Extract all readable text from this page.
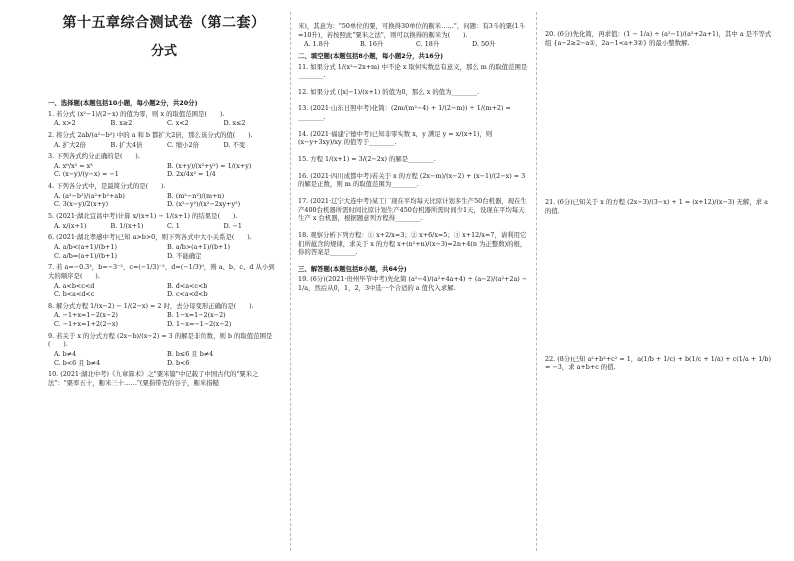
第十五章综合测试卷（第二套）
分式
一、选择题(本题包括10小题，每小题2分，共20分)
1. 若分式 (x²−1)/(2−x) 的值为零，则 x 的取值范围是(　　).
A. x>2	B. x≥2	C. x<2	D. x≤2
2. 将分式 2ab/(a²−b²) 中的 a 和 b 都扩大2倍，那么该分式的值(　　).
A. 扩大2倍	B. 扩大4倍	C. 缩小2倍	D. 不变
3. 下列各式约分正确的是(　　).
A. x⁶/x² = x³	B. (x+y)/(x²+y²) = 1/(x+y)
C. (x−y)/(y−x) = −1	D. 2x/4x² = 1/4
4. 下列各分式中，是最简分式的是(　　).
A. (a²−b²)/(a²+b²+ab)	B. (m²−n²)/(m+n)
C. 3(x−y)/2(x+y)	D. (x²−y²)/(x²−2xy+y²)
5. (2021·湖北宜昌中考)计算 x/(x+1) − 1/(x+1) 的结果是(　　).
A. x/(x+1)	B. 1/(x+1)	C. 1	D. −1
6. (2021·湖北孝感中考)已知 a>b>0，则下列各式中大小关系是(　　).
A. a/b<(a+1)/(b+1)	B. a/b>(a+1)/(b+1)
C. a/b=(a+1)/(b+1)	D. 不能确定
7. 若 a=−0.3²，b=−3⁻²，c=(−1/3)⁻²，d=(−1/3)⁰，则 a、b、c、d 从小到大的顺序是(　　).
A. a<b<c<d	B. d<a<c<b
C. b<a<d<c	D. c<a<d<b
8. 解分式方程 1/(x−2) − 1/(2−x) = 2 时，去分母变形正确的是(　　).
A. −1+x=1−2(x−2)	B. 1−x=1−2(x−2)
C. −1+x=1+2(2−x)	D. 1−x=−1−2(x−2)
9. 若关于 x 的分式方程 (2x−b)/(x−2) = 3 的解是非负数，则 b 的取值范围是(　　).
A. b≠4	B. b≤6 且 b≠4
C. b<6 且 b≠4	D. b<6
10. (2021·湖北中考)《九章算术》之"粟米篇"中记载了中国古代的"粟米之法"："粟率五十，粝米三十……"(粟指带壳的谷子，粝米指糙
米)，其意为："50单位的粟，可换得30单位的粝米……"，问题：有3斗的粟(1斗=10升)，若按照此"粟米之法"，则可以换得的粝米为(　　).
A. 1.8升	B. 16升	C. 18升	D. 50升
二、填空题(本题包括8小题，每小题2分，共16分)
11. 如果分式 1/(x²−2x+m) 中不论 x 取何实数总有意义，那么 m 的取值范围是________.
12. 如果分式 (|x|−1)/(x+1) 的值为0，那么 x 的值为________.
13. (2021·山东日照中考)化简：(2m/(m²−4) + 1/(2−m)) ÷ 1/(m+2) = ________.
14. (2021·福建宁德中考)已知非零实数 x，y 满足 y = x/(x+1)，则 (x−y+3xy)/xy 的值等于________.
15. 方程 1/(x+1) = 3/(2−2x) 的解是________.
16. (2021·四川成都中考)若关于 x 的方程 (2x−m)/(x−2) + (x−1)/(2−x) = 3 的解是正数，则 m 的取值范围为________.
17. (2021·辽宁大连中考)某工厂现在平均每天比原计划多生产50台机器，现在生产400台机器所需时间比原计划生产450台机器所需时间少1天，设现在平均每天生产 x 台机器，根据题意列方程得________.
18. 观察分析下列方程：① x+2/x=3；② x+6/x=5；③ x+12/x=7，请利用它们所蕴含的规律，求关于 x 的方程 x+(n²+n)/(x−3)=2n+4(n 为正整数)的根，你的答案是________.
三、解答题(本题包括8小题，共64分)
19. (6分)(2021·贵州毕节中考)先化简 (a²−4)/(a²+4a+4) ÷ (a−2)/(a²+2a) − 1/a，然后从0，1，2，3中选一个合适的 a 值代入求解.
20. (6分)先化简，再求值：(1 − 1/a) ÷ (a²−1)/(a²+2a+1)，其中 a 是不等式组 {a−2≥2−a①，2a−1<a+3②} 的最小整数解.
21. (6分)已知关于 x 的方程 (2x−3)/(3−x) + 1 = (x+12)/(x−3) 无解，求 a 的值.
22. (8分)已知 a²+b²+c² = 1，a(1/b + 1/c) + b(1/c + 1/a) + c(1/a + 1/b) = −3，求 a+b+c 的值.
